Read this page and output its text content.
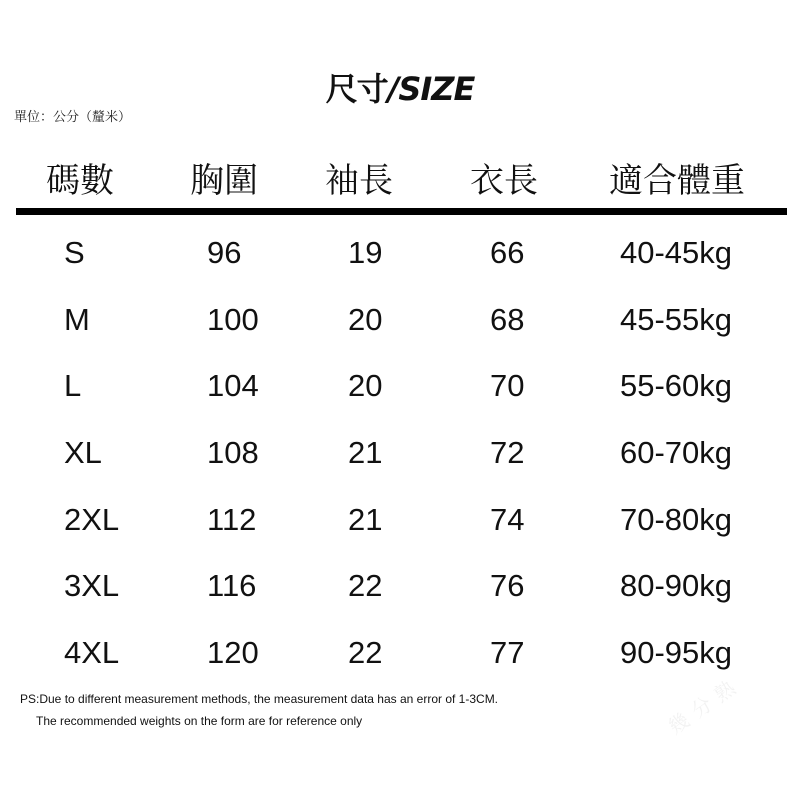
尺寸/SIZE
單位：公分（釐米）
碼數 胸圍 袖長 衣長 適合體重
S	96	19	66	40-45kg
M	100	20	68	45-55kg
L	104	20	70	55-60kg
XL	108	21	72	60-70kg
2XL	112	21	74	70-80kg
3XL	116	22	76	80-90kg
4XL	120	22	77	90-95kg
PS:Due to different measurement methods, the measurement data has an error of 1-3CM.
The recommended weights on the form are for reference only	幾分熟
